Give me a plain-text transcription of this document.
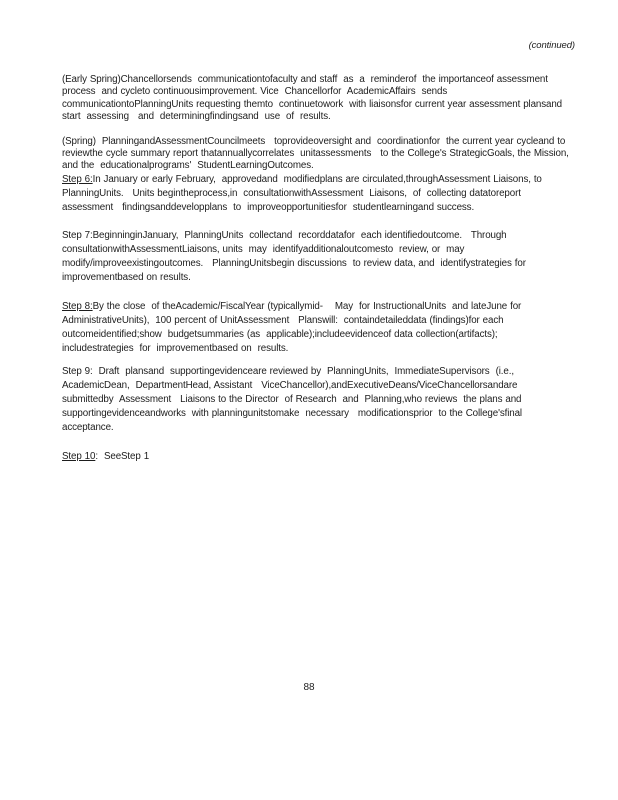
(continued)

(Early Spring)Chancellorsends  communicationtofaculty and staff  as  a  reminderof  the importanceof assessment  process  and cycleto continuousimprovement. Vice  Chancellorfor  AcademicAffairs  sends communicationtoPlanningUnits requesting themto  continuetowork  with liaisonsfor current year assessment plansand  start  assessing   and  determiningfindingsand  use  of  results.

(Spring)  PlanningandAssessmentCouncilmeets   toprovideoversight and  coordinationfor  the current year cycleand to reviewthe cycle summary report thatannuallycorrelates  unitassessments   to the College's StrategicGoals, the Mission,  and the  educationalprograms'  StudentLearningOutcomes.

Step 6:In January or early February,  approvedand  modifiedplans are circulated,throughAssessment Liaisons, to PlanningUnits.   Units begintheprocess,in  consultationwithAssessment  Liaisons,  of  collecting datatoreport  assessment   findingsanddevelopplans  to  improveopportunitiesfor  studentlearningand success.

Step 7:BeginninginJanuary,  PlanningUnits  collectand  recorddatafor  each identifiedoutcome.   Through consultationwithAssessmentLiaisons, units  may  identifyadditionaloutcomesto  review, or  may modify/improveexistingoutcomes.   PlanningUnitsbegin discussions  to review data, and  identifystrategies for improvementbased on results.

Step 8:By the close  of theAcademic/FiscalYear (typicallymid-    May  for InstructionalUnits  and lateJune for AdministrativeUnits),  100 percent of UnitAssessment   Planswill:  containdetaileddata (findings)for each outcomeidentified;show  budgetsummaries (as  applicable);includeevidenceof data collection(artifacts); includestrategies  for  improvementbased on  results.

Step 9:  Draft  plansand  supportingevidenceare reviewed by  PlanningUnits,  ImmediateSupervisors  (i.e., AcademicDean,  DepartmentHead, Assistant   ViceChancellor),andExecutiveDeans/ViceChancellorsandare submittedby  Assessment   Liaisons to the Director  of Research  and  Planning,who reviews  the plans and supportingevidenceandworks  with planningunitstomake  necessary   modificationsprior  to the College'sfinal acceptance.

Step 10:  SeeStep 1

88
